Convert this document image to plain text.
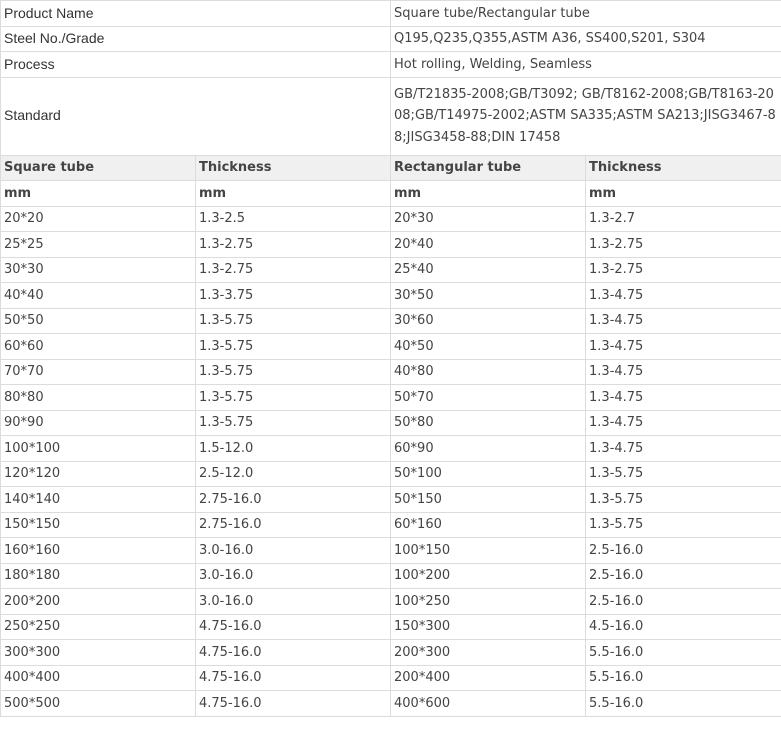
Product Name		Square tube/Rectangular tube	
Steel No./Grade		Q195,Q235,Q355,ASTM A36, SS400,S201, S304	
Process		Hot rolling, Welding, Seamless	
Standard		GB/T21835-2008;GB/T3092; GB/T8162-2008;GB/T8163-2008;GB/T14975-2002;ASTM SA335;ASTM SA213;JISG3467-88;JISG3458-88;DIN 17458	
Square tube	Thickness	Rectangular tube	Thickness
mm	mm	mm	mm
20*20	1.3-2.5	20*30	1.3-2.7
25*25	1.3-2.75	20*40	1.3-2.75
30*30	1.3-2.75	25*40	1.3-2.75
40*40	1.3-3.75	30*50	1.3-4.75
50*50	1.3-5.75	30*60	1.3-4.75
60*60	1.3-5.75	40*50	1.3-4.75
70*70	1.3-5.75	40*80	1.3-4.75
80*80	1.3-5.75	50*70	1.3-4.75
90*90	1.3-5.75	50*80	1.3-4.75
100*100	1.5-12.0	60*90	1.3-4.75
120*120	2.5-12.0	50*100	1.3-5.75
140*140	2.75-16.0	50*150	1.3-5.75
150*150	2.75-16.0	60*160	1.3-5.75
160*160	3.0-16.0	100*150	2.5-16.0
180*180	3.0-16.0	100*200	2.5-16.0
200*200	3.0-16.0	100*250	2.5-16.0
250*250	4.75-16.0	150*300	4.5-16.0
300*300	4.75-16.0	200*300	5.5-16.0
400*400	4.75-16.0	200*400	5.5-16.0
500*500	4.75-16.0	400*600	5.5-16.0
